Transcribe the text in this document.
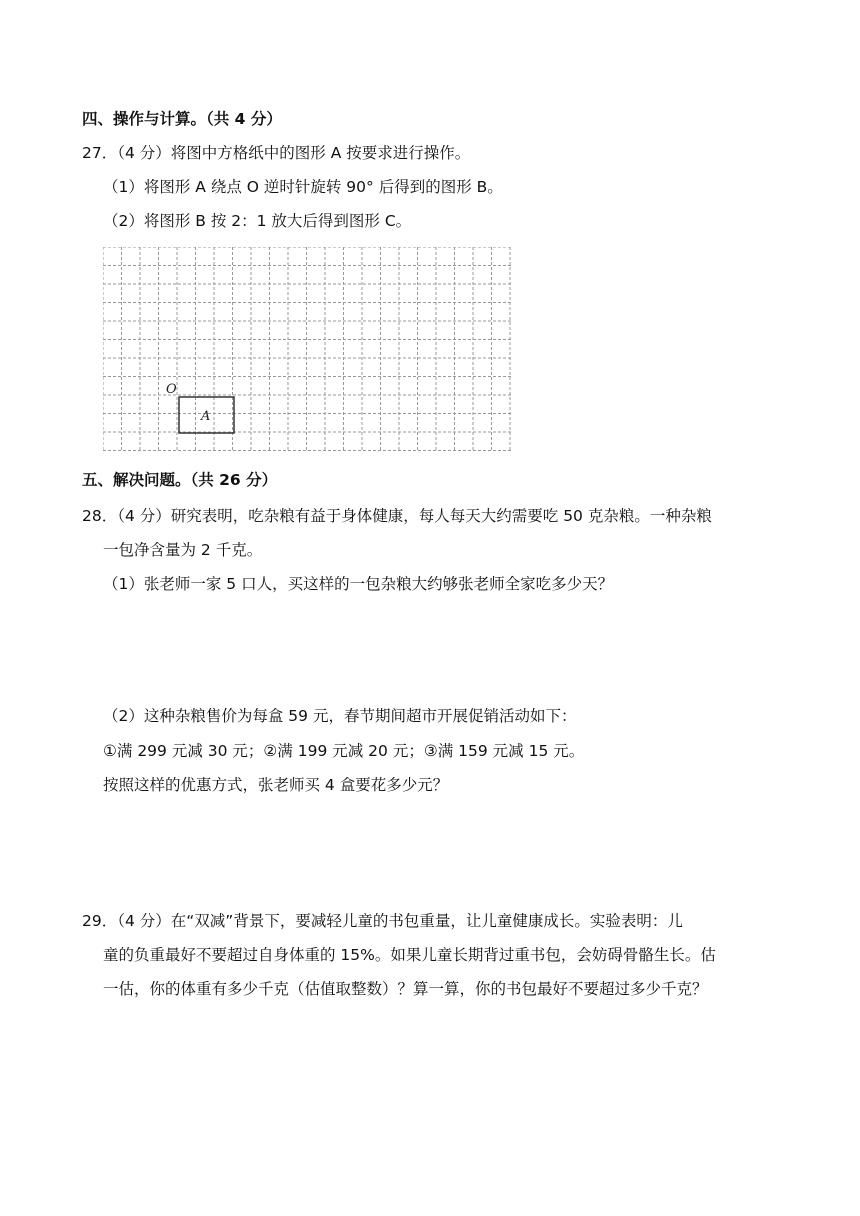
四、操作与计算。（共 4 分）
27．（4 分）将图中方格纸中的图形 A 按要求进行操作。
（1）将图形 A 绕点 O 逆时针旋转 90° 后得到的图形 B。
（2）将图形 B 按 2：1 放大后得到图形 C。
O
A
五、解决问题。（共 26 分）
28．（4 分）研究表明，吃杂粮有益于身体健康，每人每天大约需要吃 50 克杂粮。一种杂粮
一包净含量为 2 千克。
（1）张老师一家 5 口人，买这样的一包杂粮大约够张老师全家吃多少天？
（2）这种杂粮售价为每盒 59 元，春节期间超市开展促销活动如下：
①满 299 元减 30 元；②满 199 元减 20 元；③满 159 元减 15 元。
按照这样的优惠方式，张老师买 4 盒要花多少元？
29．（4 分）在“双减”背景下，要减轻儿童的书包重量，让儿童健康成长。实验表明：儿
童的负重最好不要超过自身体重的 15%。如果儿童长期背过重书包，会妨碍骨骼生长。估
一估，你的体重有多少千克（估值取整数）？算一算，你的书包最好不要超过多少千克？
